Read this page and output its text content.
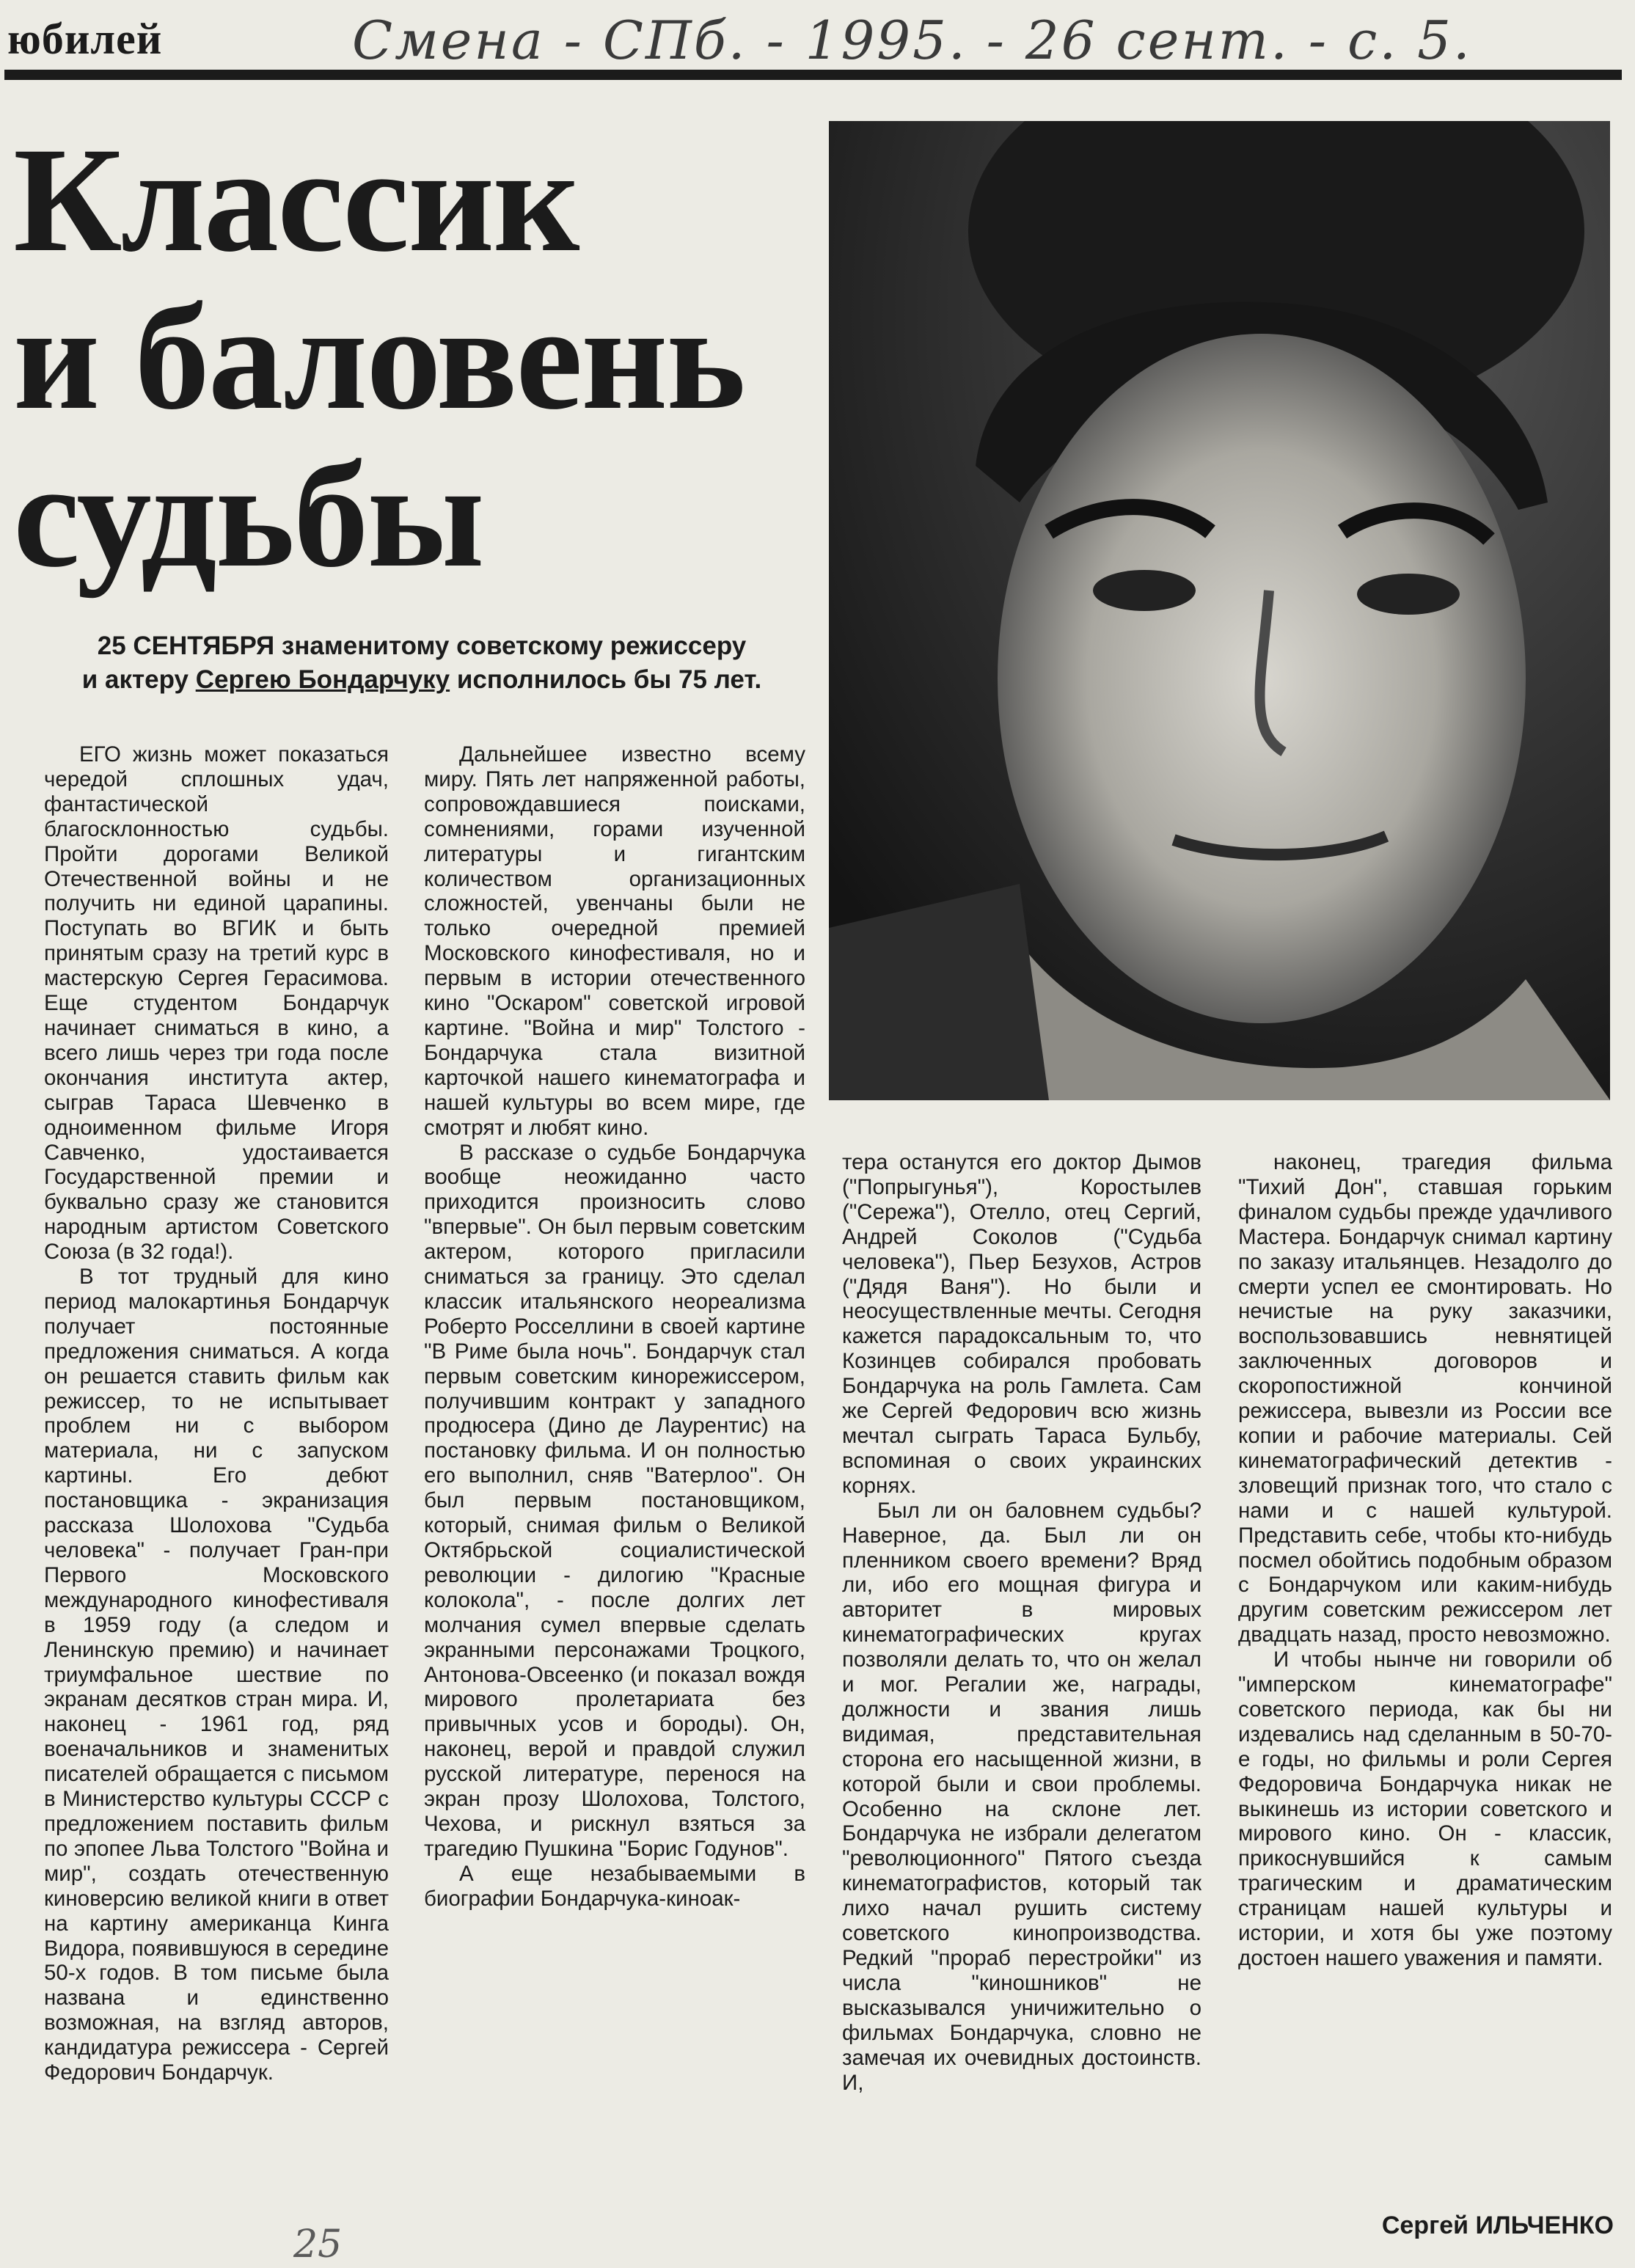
юбилей	Смена - СПб. - 1995. - 26 сент. - с. 5.
Классик
и баловень
судьбы
25 СЕНТЯБРЯ знаменитому советскому режиссеру
и актеру Сергею Бондарчуку исполнилось бы 75 лет.

ЕГО жизнь может показаться чередой сплошных удач, фантастической благосклонностью судьбы. Пройти дорогами Великой Отечественной войны и не получить ни единой царапины. Поступать во ВГИК и быть принятым сразу на третий курс в мастерскую Сергея Герасимова. Еще студентом Бондарчук начинает сниматься в кино, а всего лишь через три года после окончания института актер, сыграв Тараса Шевченко в одноименном фильме Игоря Савченко, удостаивается Государственной премии и буквально сразу же становится народным артистом Советского Союза (в 32 года!).

В тот трудный для кино период малокартинья Бондарчук получает постоянные предложения сниматься. А когда он решается ставить фильм как режиссер, то не испытывает проблем ни с выбором материала, ни с запуском картины. Его дебют постановщика - экранизация рассказа Шолохова "Судьба человека" - получает Гран-при Первого Московского международного кинофестиваля в 1959 году (а следом и Ленинскую премию) и начинает триумфальное шествие по экранам десятков стран мира. И, наконец - 1961 год, ряд военачальников и знаменитых писателей обращается с письмом в Министерство культуры СССР с предложением поставить фильм по эпопее Льва Толстого "Война и мир", создать отечественную киноверсию великой книги в ответ на картину американца Кинга Видора, появившуюся в середине 50-х годов. В том письме была названа и единственно возможная, на взгляд авторов, кандидатура режиссера - Сергей Федорович Бондарчук.

Дальнейшее известно всему миру. Пять лет напряженной работы, сопровождавшиеся поисками, сомнениями, горами изученной литературы и гигантским количеством организационных сложностей, увенчаны были не только очередной премией Московского кинофестиваля, но и первым в истории отечественного кино "Оскаром" советской игровой картине. "Война и мир" Толстого - Бондарчука стала визитной карточкой нашего кинематографа и нашей культуры во всем мире, где смотрят и любят кино.

В рассказе о судьбе Бондарчука вообще неожиданно часто приходится произносить слово "впервые". Он был первым советским актером, которого пригласили сниматься за границу. Это сделал классик итальянского неореализма Роберто Росселлини в своей картине "В Риме была ночь". Бондарчук стал первым советским кинорежиссером, получившим контракт у западного продюсера (Дино де Лаурентис) на постановку фильма. И он полностью его выполнил, сняв "Ватерлоо". Он был первым постановщиком, который, снимая фильм о Великой Октябрьской социалистической революции - дилогию "Красные колокола", - после долгих лет молчания сумел впервые сделать экранными персонажами Троцкого, Антонова-Овсеенко (и показал вождя мирового пролетариата без привычных усов и бороды). Он, наконец, верой и правдой служил русской литературе, перенося на экран прозу Шолохова, Толстого, Чехова, и рискнул взяться за трагедию Пушкина "Борис Годунов".

А еще незабываемыми в биографии Бондарчука-киноак-

тера останутся его доктор Дымов ("Попрыгунья"), Коростылев ("Сережа"), Отелло, отец Сергий, Андрей Соколов ("Судьба человека"), Пьер Безухов, Астров ("Дядя Ваня"). Но были и неосуществленные мечты. Сегодня кажется парадоксальным то, что Козинцев собирался пробовать Бондарчука на роль Гамлета. Сам же Сергей Федорович всю жизнь мечтал сыграть Тараса Бульбу, вспоминая о своих украинских корнях.

Был ли он баловнем судьбы? Наверное, да. Был ли он пленником своего времени? Вряд ли, ибо его мощная фигура и авторитет в мировых кинематографических кругах позволяли делать то, что он желал и мог. Регалии же, награды, должности и звания лишь видимая, представительная сторона его насыщенной жизни, в которой были и свои проблемы. Особенно на склоне лет. Бондарчука не избрали делегатом "революционного" Пятого съезда кинематографистов, который так лихо начал рушить систему советского кинопроизводства. Редкий "прораб перестройки" из числа "киношников" не высказывался уничижительно о фильмах Бондарчука, словно не замечая их очевидных достоинств. И,

наконец, трагедия фильма "Тихий Дон", ставшая горьким финалом судьбы прежде удачливого Мастера. Бондарчук снимал картину по заказу итальянцев. Незадолго до смерти успел ее смонтировать. Но нечистые на руку заказчики, воспользовавшись невнятицей заключенных договоров и скоропостижной кончиной режиссера, вывезли из России все копии и рабочие материалы. Сей кинематографический детектив - зловещий признак того, что стало с нами и с нашей культурой. Представить себе, чтобы кто-нибудь посмел обойтись подобным образом с Бондарчуком или каким-нибудь другим советским режиссером лет двадцать назад, просто невозможно.

И чтобы нынче ни говорили об "имперском кинематографе" советского периода, как бы ни издевались над сделанным в 50-70-е годы, но фильмы и роли Сергея Федоровича Бондарчука никак не выкинешь из истории советского и мирового кино. Он - классик, прикоснувшийся к самым трагическим и драматическим страницам нашей культуры и истории, и хотя бы уже поэтому достоен нашего уважения и памяти.

Сергей ИЛЬЧЕНКО
25
